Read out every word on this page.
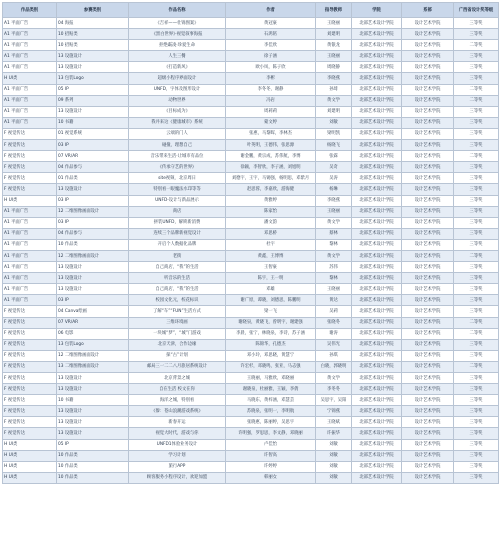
作品类别	参赛类别	作品名称	作者	指导教师	学院	系部	广西省设计奖等级
A1 平面广告	04 海报	《吉祥——壮锦图案》	黄冠豪	王晓丽	北部艺术设计学院	设计艺术学院	三等奖
A1 平面广告	10 招贴类	《黑白世界》·视觉叙事海报	石鸿铭	刘建明	北部艺术设计学院	设计艺术学院	三等奖
A1 平面广告	10 招贴类	拒绝霸凌·珍爱生命	李佳欣	黄银龙	北部艺术设计学院	设计艺术学院	二等奖
A1 平面广告	13 设施设计	人生三餐	徐子涵	王晓丽	北部艺术设计学院	设计艺术学院	三等奖
A1 平面广告	13 设施设计	《打造新风》	欧小凤，陈子欣	周晓静	北部艺术设计学院	设计艺术学院	三等奖
H UI类	13 包装Logo	超级小程序界面设计	李彬	李晓燕	北部艺术设计学院	设计艺术学院	三等奖
A1 平面广告	05 IP	UNFD，字体及图形设计	李冬冬，谢静	孙琦	北部艺术设计学院	设计艺术学院	二等奖
A1 平面广告	09 系列	动物世界	冯岩	黄文学	北部艺术设计学院	设计艺术学院	二等奖
A1 平面广告	13 设施设计	《目标成为》	周莉莉	刘建明	北部艺术设计学院	设计艺术学院	三等奖
A1 平面广告	10 书籍	我井来这《健康城市》系统	蒙文婷	刘敏	北部艺术设计学院	设计艺术学院	三等奖
F 视觉传达	01 视觉系统	云端的门人	张惠，马黎晖，李林杰	梁明凯	北部艺术设计学院	设计艺术学院	三等奖
F 视觉传达	03 IP	碰撞，理想自己	叶英明，王德伟，张思源	杨晓飞	北部艺术设计学院	设计艺术学院	三等奖
F 视觉传达	07 VR/AR	音乐带来生活·让城市有品位	谢金鹏，黄宗成，苏伟航，李博	张霖	北部艺术设计学院	设计艺术学院	二等奖
F 视觉传达	04 作品参与	《传承守艺的世界》	徐颖，李智欣，李子涵，刘旭明	吴奇	北部艺术设计学院	设计艺术学院	三等奖
F 视觉传达	01 作品类	site视频，北京周日	刘德宇，王宇，马锡强，杨明思，邓紫月	吴涛	北部艺术设计学院	设计艺术学院	三等奖
F 视觉传达	13 设施设计	特别看一眼魔法水印等等	赵思蓉，李嘉欣，游海健	杨琳	北部艺术设计学院	设计艺术学院	三等奖
H UI类	03 IP	UNFD-设计与新品展示	黄雅婷	李晓燕	北部艺术设计学院	设计艺术学院	三等奖
A1 平面广告	12 二维图像画面设计	商店	陈家怡	王晓丽	北部艺术设计学院	设计艺术学院	三等奖
A1 平面广告	03 IP	拼装UNFD，解锁新消费	潘文韵	黄文学	北部艺术设计学院	设计艺术学院	三等奖
A1 平面广告	04 作品参与	连续三个品牌新视觉设计	邓思桥	蔡林	北部艺术设计学院	设计艺术学院	三等奖
A1 平面广告	10 作品类	开启个人数据化品牌	杜宇	黎林	北部艺术设计学院	设计艺术学院	三等奖
A1 平面广告	12 二维图像画面设计	老街	黄鑫，王博博	黄文学	北部艺术设计学院	设计艺术学院	二等奖
A1 平面广告	13 设施设计	自己商店，“我”的生活	王智豪	苏伟	北部艺术设计学院	设计艺术学院	三等奖
A1 平面广告	13 设施设计	听音乐的生活	陈宇，王一明	黎林	北部艺术设计学院	设计艺术学院	三等奖
A1 平面广告	13 设施设计	自己商店，“我”的生活	邓雄	王晓丽	北部艺术设计学院	设计艺术学院	三等奖
A1 平面广告	03 IP	校园文化元，校花标识	谢广原，谭晓，刘德思，陈鹏明	黄达	北部艺术设计学院	设计艺术学院	三等奖
F 视觉传达	04 Canva绘画	了解“车”“FUN”生活方式	梁一飞	吴莉	北部艺术设计学院	设计艺术学院	三等奖
F 视觉传达	07 VR/AR	三维环境画	谢晓泉，黄晓飞，曾明宇，谢建强	张晓冬	北部艺术设计学院	设计艺术学院	二等奖
F 视觉传达	06 电影	一块城“梦”，“城”门游戏	李晨，张宁，林晓泉，李诗，苏子涵	谢涛	北部艺术设计学院	设计艺术学院	二等奖
F 视觉传达	13 包装Logo	北京天津，合作边缘	陈锦华，孔德杰	吴伟光	北部艺术设计学院	设计艺术学院	三等奖
F 视觉传达	12 二维图像画面设计	探“古”计划	邓小玲，邓思晓，黄慧宁	孙琪	北部艺术设计学院	设计艺术学院	三等奖
F 视觉传达	13 二维图像画面设计	邮局三一二二八月旅居系统设计	许宏杉，邓晓鸣，张亚，马志强	白晓，郭晓明	北部艺术设计学院	设计艺术学院	二等奖
F 视觉传达	13 设施设计	北京背景之城	王晓丽，马雅欣，邓晓丽	黄文学	北部艺术设计学院	设计艺术学院	三等奖
F 视觉传达	13 设施设计	自在生活 校文在你	谢晓泉，杜丽雅，王颖，李倩	李冬冬	北部艺术设计学院	设计艺术学院	三等奖
F 视觉传达	10 书籍	海洋之城，特别看	马晓东，黄梓涵，邓慧芸	吴思宇，吴阳	北部艺术设计学院	设计艺术学院	三等奖
F 视觉传达	13 设施设计	《傣：苍山浪潮游戏系统》	苏晓泉，张明一，李明航	宁锦燕	北部艺术设计学院	设计艺术学院	三等奖
F 视觉传达	13 设施设计	新春开运	张晓惠，陈丽婷，吴思宇	王晓斌	北部艺术设计学院	设计艺术学院	三等奖
F 视觉传达	13 设施设计	视觉大时代，游戏与你	许明强，罗思思，李文静，邓晓丽	许振华	北部艺术设计学院	设计艺术学院	三等奖
H UI类	05 IP	UNFD1体验业务设计	卢佳怡	刘敏	北部艺术设计学院	设计艺术学院	三等奖
H UI类	10 作品类	学习计划	许智高	刘敏	北部艺术设计学院	设计艺术学院	三等奖
H UI类	10 作品类	旅行APP	许婷婷	刘敏	北部艺术设计学院	设计艺术学院	三等奖
H UI类	10 作品类	顾客服务小程序设计，欢迎加盟	韩丽女	刘敏	北部艺术设计学院	设计艺术学院	三等奖
